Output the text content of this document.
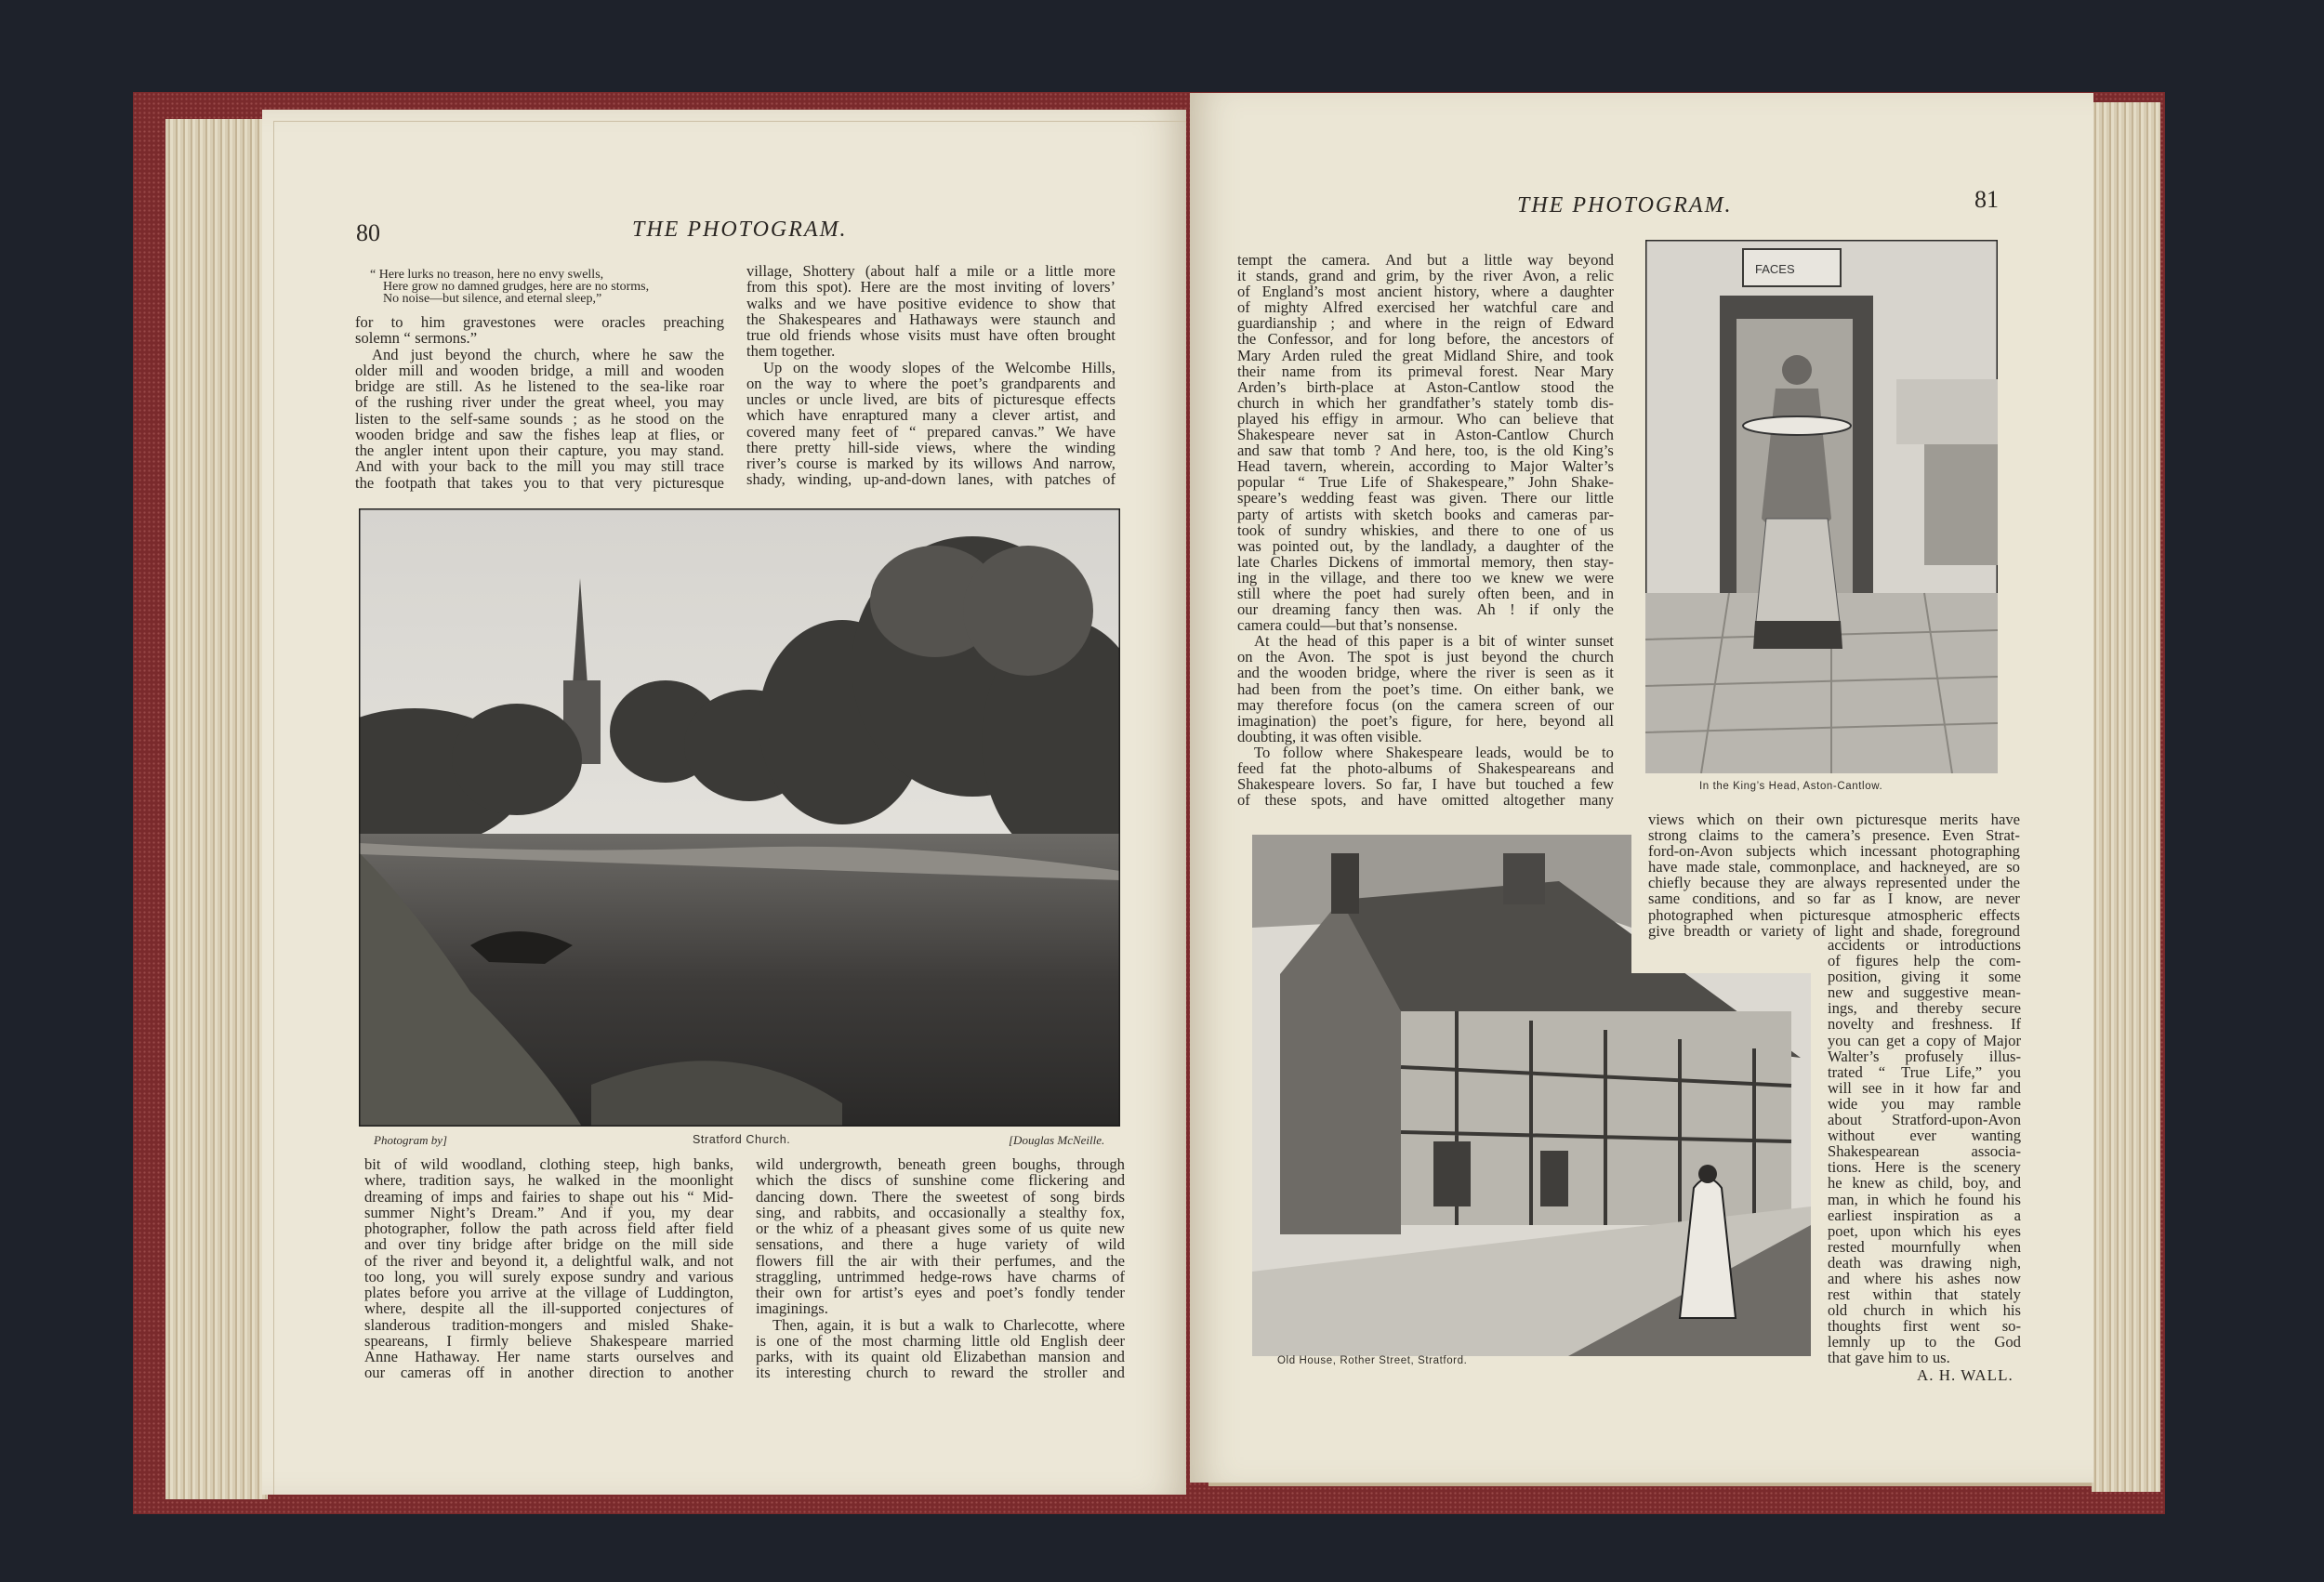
80	THE PHOTOGRAM.
“ Here lurks no treason, here no envy swells,
Here grow no damned grudges, here are no storms,
No noise—but silence, and eternal sleep,”
for to him gravestones were oracles preaching
solemn “ sermons.”
And just beyond the church, where he saw the
older mill and wooden bridge, a mill and wooden
bridge are still. As he listened to the sea-like roar
of the rushing river under the great wheel, you may
listen to the self-same sounds ; as he stood on the
wooden bridge and saw the fishes leap at flies, or
the angler intent upon their capture, you may stand.
And with your back to the mill you may still trace
the footpath that takes you to that very picturesque
village, Shottery (about half a mile or a little more
from this spot). Here are the most inviting of lovers’
walks and we have positive evidence to show that
the Shakespeares and Hathaways were staunch and
true old friends whose visits must have often brought
them together.
Up on the woody slopes of the Welcombe Hills,
on the way to where the poet’s grandparents and
uncles or uncle lived, are bits of picturesque effects
which have enraptured many a clever artist, and
covered many feet of “ prepared canvas.” We have
there pretty hill-side views, where the winding
river’s course is marked by its willows And narrow,
shady, winding, up-and-down lanes, with patches of
Photogram by]	Stratford Church.	[Douglas McNeille.
bit of wild woodland, clothing steep, high banks,
where, tradition says, he walked in the moonlight
dreaming of imps and fairies to shape out his “ Mid-
summer Night’s Dream.” And if you, my dear
photographer, follow the path across field after field
and over tiny bridge after bridge on the mill side
of the river and beyond it, a delightful walk, and not
too long, you will surely expose sundry and various
plates before you arrive at the village of Luddington,
where, despite all the ill-supported conjectures of
slanderous tradition-mongers and misled Shake-
speareans, I firmly believe Shakespeare married
Anne Hathaway. Her name starts ourselves and
our cameras off in another direction to another
wild undergrowth, beneath green boughs, through
which the discs of sunshine come flickering and
dancing down. There the sweetest of song birds
sing, and rabbits, and occasionally a stealthy fox,
or the whiz of a pheasant gives some of us quite new
sensations, and there a huge variety of wild
flowers fill the air with their perfumes, and the
straggling, untrimmed hedge-rows have charms of
their own for artist’s eyes and poet’s fondly tender
imaginings.
Then, again, it is but a walk to Charlecotte, where
is one of the most charming little old English deer
parks, with its quaint old Elizabethan mansion and
its interesting church to reward the stroller and
THE PHOTOGRAM.	81
tempt the camera. And but a little way beyond
it stands, grand and grim, by the river Avon, a relic
of England’s most ancient history, where a daughter
of mighty Alfred exercised her watchful care and
guardianship ; and where in the reign of Edward
the Confessor, and for long before, the ancestors of
Mary Arden ruled the great Midland Shire, and took
their name from its primeval forest. Near Mary
Arden’s birth-place at Aston-Cantlow stood the
church in which her grandfather’s stately tomb dis-
played his effigy in armour. Who can believe that
Shakespeare never sat in Aston-Cantlow Church
and saw that tomb ? And here, too, is the old King’s
Head tavern, wherein, according to Major Walter’s
popular “ True Life of Shakespeare,” John Shake-
speare’s wedding feast was given. There our little
party of artists with sketch books and cameras par-
took of sundry whiskies, and there to one of us
was pointed out, by the landlady, a daughter of the
late Charles Dickens of immortal memory, then stay-
ing in the village, and there too we knew we were
still where the poet had surely often been, and in
our dreaming fancy then was. Ah ! if only the
camera could—but that’s nonsense.
At the head of this paper is a bit of winter sunset
on the Avon. The spot is just beyond the church
and the wooden bridge, where the river is seen as it
had been from the poet’s time. On either bank, we
may therefore focus (on the camera screen of our
imagination) the poet’s figure, for here, beyond all
doubting, it was often visible.
To follow where Shakespeare leads, would be to
feed fat the photo-albums of Shakespeareans and
Shakespeare lovers. So far, I have but touched a few
of these spots, and have omitted altogether many
FACES
In the King’s Head, Aston-Cantlow.
views which on their own picturesque merits have
strong claims to the camera’s presence. Even Strat-
ford-on-Avon subjects which incessant photographing
have made stale, commonplace, and hackneyed, are so
chiefly because they are always represented under the
same conditions, and so far as I know, are never
photographed when picturesque atmospheric effects
give breadth or variety of light and shade, foreground
Old House, Rother Street, Stratford.
accidents or introductions
of figures help the com-
position, giving it some
new and suggestive mean-
ings, and thereby secure
novelty and freshness. If
you can get a copy of Major
Walter’s profusely illus-
trated “ True Life,” you
will see in it how far and
wide you may ramble
about Stratford-upon-Avon
without ever wanting
Shakespearean	associa-
tions. Here is the scenery
he knew as child, boy, and
man, in which he found his
earliest inspiration as a
poet, upon which his eyes
rested mournfully when
death was drawing nigh,
and where his ashes now
rest within that stately
old church in which his
thoughts first went so-
lemnly up to the God
that gave him to us.
A. H. WALL.
